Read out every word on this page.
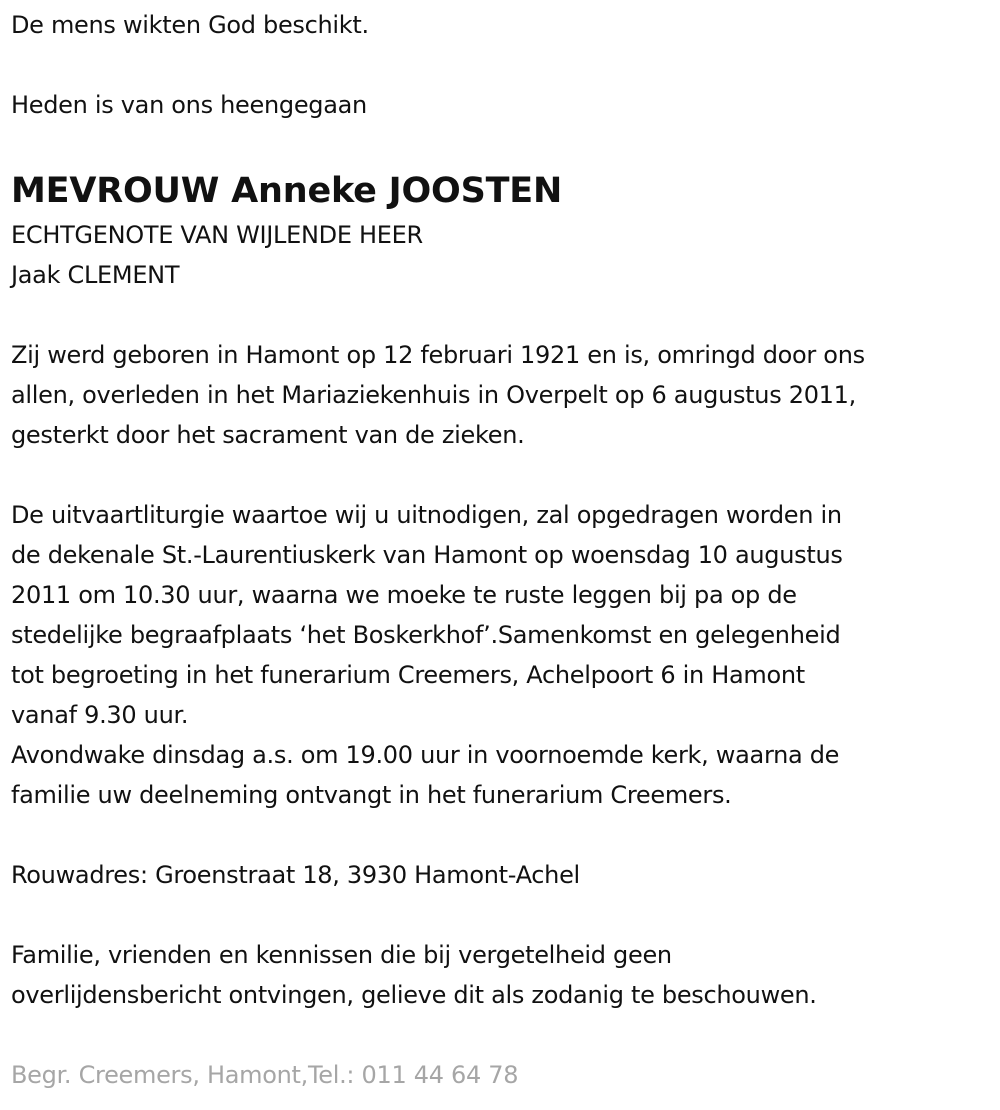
De mens wikten God beschikt.

Heden is van ons heengegaan

MEVROUW Anneke JOOSTEN

ECHTGENOTE VAN WIJLENDE HEER

Jaak CLEMENT

Zij werd geboren in Hamont op 12 februari 1921 en is, omringd door ons

allen, overleden in het Mariaziekenhuis in Overpelt op 6 augustus 2011,

gesterkt door het sacrament van de zieken.

De uitvaartliturgie waartoe wij u uitnodigen, zal opgedragen worden in

de dekenale St.-Laurentiuskerk van Hamont op woensdag 10 augustus

2011 om 10.30 uur, waarna we moeke te ruste leggen bij pa op de

stedelijke begraafplaats ‘het Boskerkhof’.Samenkomst en gelegenheid

tot begroeting in het funerarium Creemers, Achelpoort 6 in Hamont

vanaf 9.30 uur.

Avondwake dinsdag a.s. om 19.00 uur in voornoemde kerk, waarna de

familie uw deelneming ontvangt in het funerarium Creemers.

Rouwadres: Groenstraat 18, 3930 Hamont-Achel

Familie, vrienden en kennissen die bij vergetelheid geen

overlijdensbericht ontvingen, gelieve dit als zodanig te beschouwen.

Begr. Creemers, Hamont,Tel.: 011 44 64 78
